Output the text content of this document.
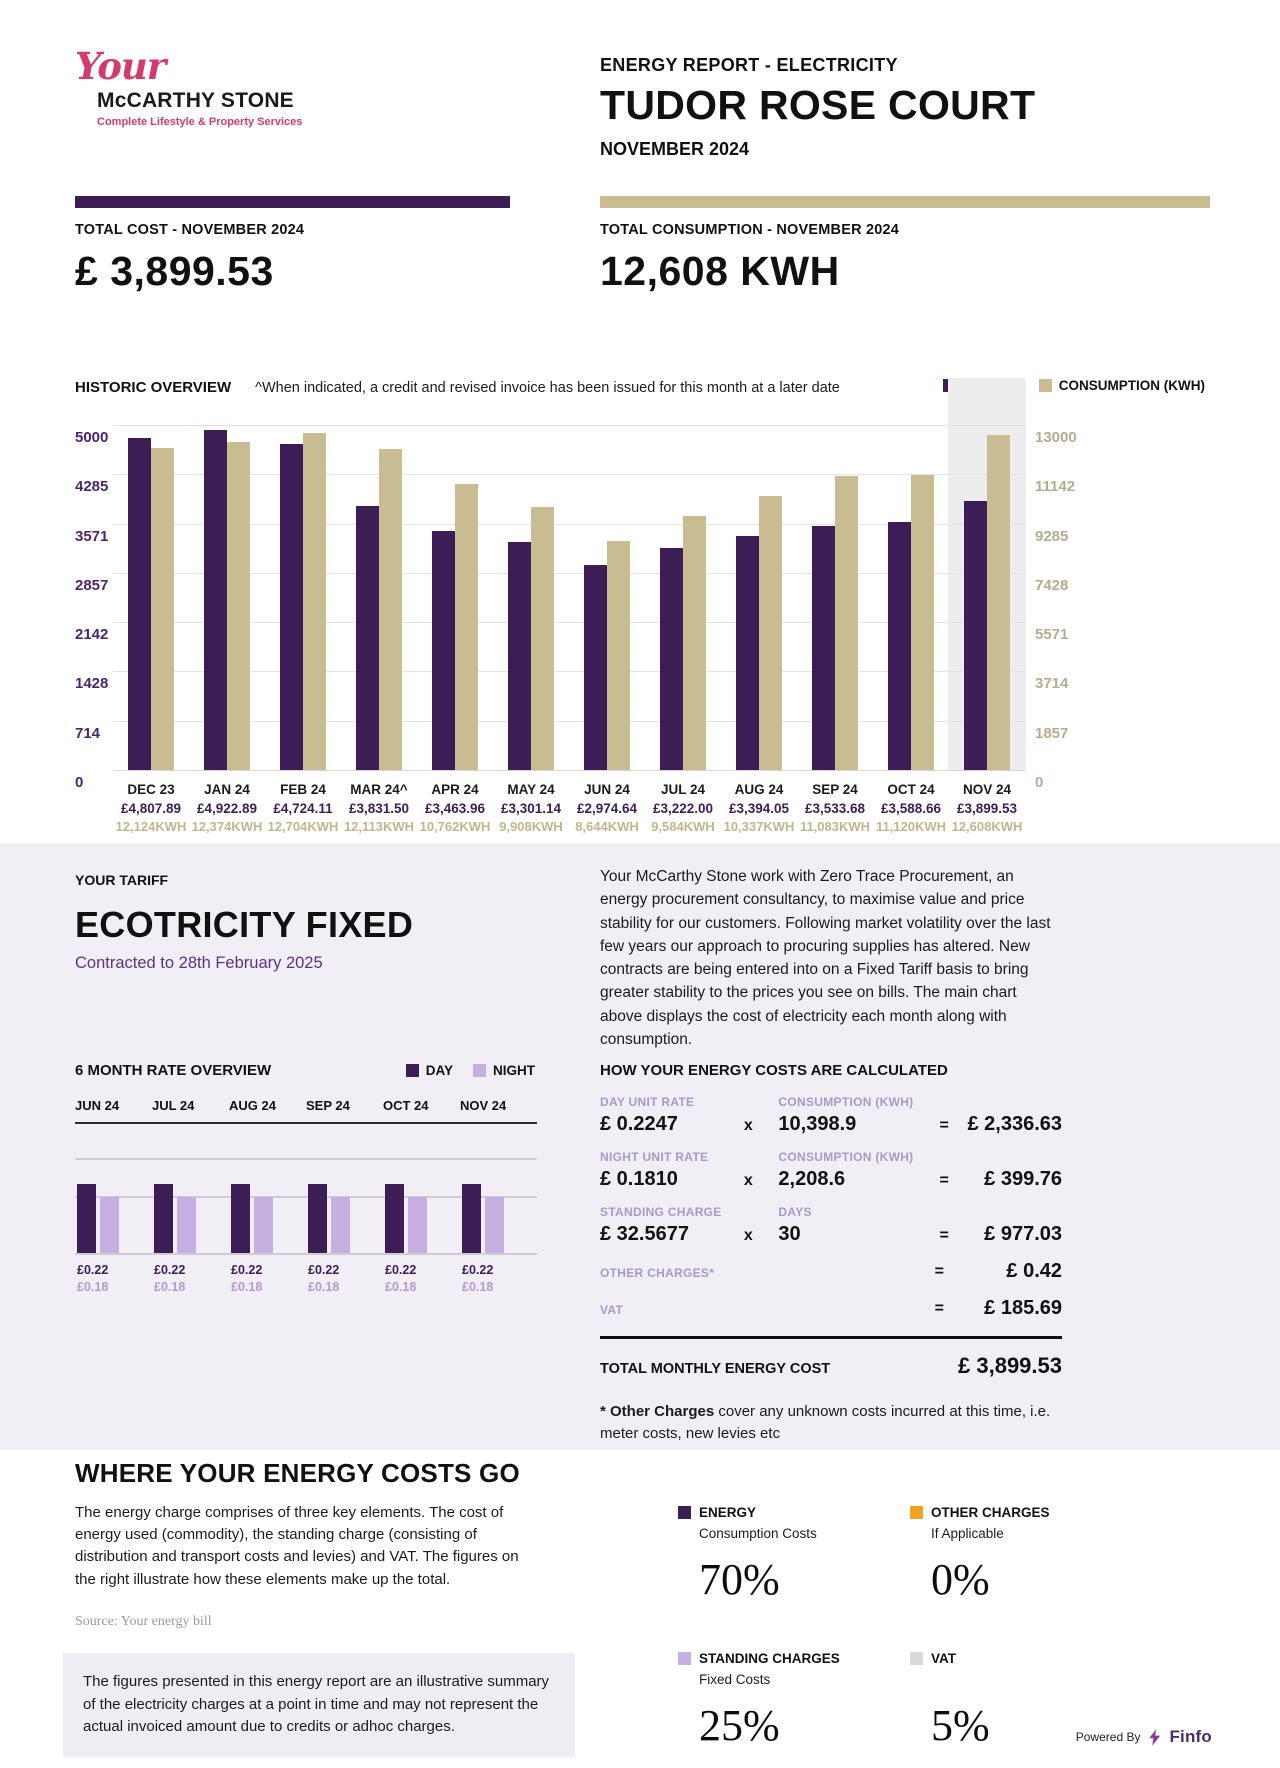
Your
McCARTHY STONE
Complete Lifestyle & Property Services
ENERGY REPORT - ELECTRICITY
TUDOR ROSE COURT
NOVEMBER 2024
TOTAL COST - NOVEMBER 2024
£ 3,899.53
TOTAL CONSUMPTION - NOVEMBER 2024
12,608 KWH
HISTORIC OVERVIEW ^When indicated, a credit and revised invoice has been issued for this month at a later date	CONSUMPTION (KWH)
5000	13000
4285	11142
3571	9285
2857	7428
2142	5571
1428	3714
714	1857
0	0
DEC 23
£4,807.89
12,124KWH
JAN 24
£4,922.89
12,374KWH
FEB 24
£4,724.11
12,704KWH
MAR 24^
£3,831.50
12,113KWH
APR 24
£3,463.96
10,762KWH
MAY 24
£3,301.14
9,908KWH
JUN 24
£2,974.64
8,644KWH
JUL 24
£3,222.00
9,584KWH
AUG 24
£3,394.05
10,337KWH
SEP 24
£3,533.68
11,083KWH
OCT 24
£3,588.66
11,120KWH
NOV 24
£3,899.53
12,608KWH
YOUR TARIFF
ECOTRICITY FIXED
Contracted to 28th February 2025
Your McCarthy Stone work with Zero Trace Procurement, an energy procurement consultancy, to maximise value and price stability for our customers. Following market volatility over the last few years our approach to procuring supplies has altered. New contracts are being entered into on a Fixed Tariff basis to bring greater stability to the prices you see on bills. The main chart above displays the cost of electricity each month along with consumption.
6 MONTH RATE OVERVIEW	DAY	NIGHT
JUN 24	JUL 24	AUG 24 SEP 24	OCT 24 NOV 24
£0.22
£0.18
£0.22
£0.18
£0.22
£0.18
£0.22
£0.18
£0.22
£0.18
£0.22
£0.18
HOW YOUR ENERGY COSTS ARE CALCULATED
DAY UNIT RATE
£ 0.2247	x
CONSUMPTION (KWH)
10,398.9	= £ 2,336.63
NIGHT UNIT RATE
£ 0.1810	x
CONSUMPTION (KWH)
2,208.6	=	£ 399.76
STANDING CHARGE
£ 32.5677	x
DAYS
30	=	£ 977.03
OTHER CHARGES*	=	£ 0.42
VAT	=	£ 185.69
TOTAL MONTHLY ENERGY COST	£ 3,899.53
* Other Charges cover any unknown costs incurred at this time, i.e. meter costs, new levies etc
WHERE YOUR ENERGY COSTS GO
The energy charge comprises of three key elements. The cost of energy used (commodity), the standing charge (consisting of distribution and transport costs and levies) and VAT. The figures on the right illustrate how these elements make up the total.
Source: Your energy bill
The figures presented in this energy report are an illustrative summary of the electricity charges at a point in time and may not represent the actual invoiced amount due to credits or adhoc charges.
ENERGY
Consumption Costs
70%
OTHER CHARGES
If Applicable
0%
STANDING CHARGES
Fixed Costs
25%
VAT
5%	Powered By Finfo
